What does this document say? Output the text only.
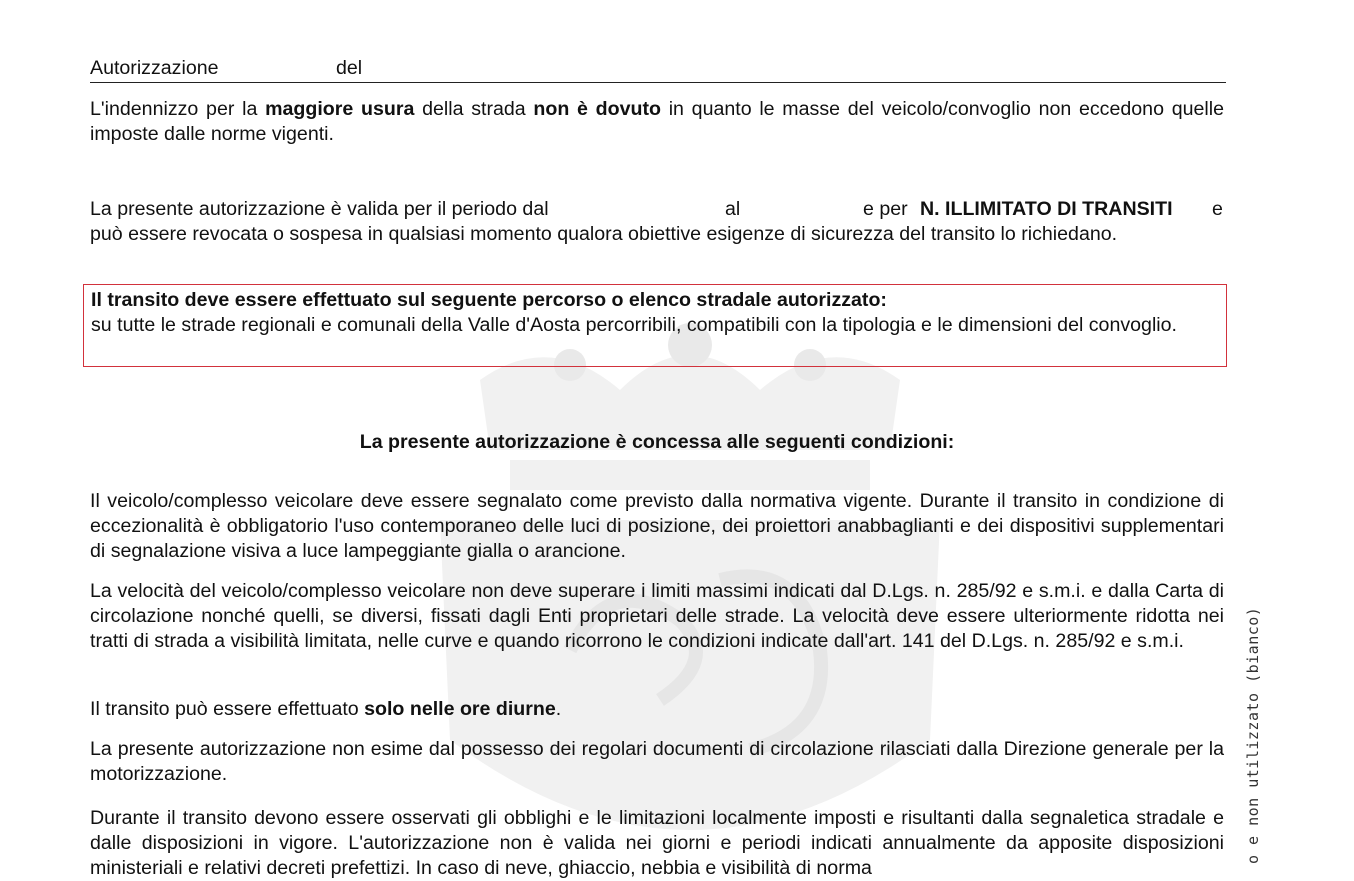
Autorizzazione	del
L'indennizzo per la maggiore usura della strada non è dovuto in quanto le masse del veicolo/convoglio non eccedono quelle imposte dalle norme vigenti.
La presente autorizzazione è valida per il periodo dal	al	e per N. ILLIMITATO DI TRANSITI e
può essere revocata o sospesa in qualsiasi momento qualora obiettive esigenze di sicurezza del transito lo richiedano.
Il transito deve essere effettuato sul seguente percorso o elenco stradale autorizzato:
su tutte le strade regionali e comunali della Valle d'Aosta percorribili, compatibili con la tipologia e le dimensioni del convoglio.
La presente autorizzazione è concessa alle seguenti condizioni:
Il veicolo/complesso veicolare deve essere segnalato come previsto dalla normativa vigente. Durante il transito in condizione di eccezionalità è obbligatorio l'uso contemporaneo delle luci di posizione, dei proiettori anabbaglianti e dei dispositivi supplementari di segnalazione visiva a luce lampeggiante gialla o arancione.
La velocità del veicolo/complesso veicolare non deve superare i limiti massimi indicati dal D.Lgs. n. 285/92 e s.m.i. e dalla Carta di circolazione nonché quelli, se diversi, fissati dagli Enti proprietari delle strade. La velocità deve essere ulteriormente ridotta nei tratti di strada a visibilità limitata, nelle curve e quando ricorrono le condizioni indicate dall'art. 141 del D.Lgs. n. 285/92 e s.m.i.
Il transito può essere effettuato solo nelle ore diurne.
La presente autorizzazione non esime dal possesso dei regolari documenti di circolazione rilasciati dalla Direzione generale per la motorizzazione.
Durante il transito devono essere osservati gli obblighi e le limitazioni localmente imposti e risultanti dalla segnaletica stradale e dalle disposizioni in vigore. L'autorizzazione non è valida nei giorni e periodi indicati annualmente da apposite disposizioni ministeriali e relativi decreti prefettizi. In caso di neve, ghiaccio, nebbia e visibilità di norma
o e non utilizzato (bianco)
